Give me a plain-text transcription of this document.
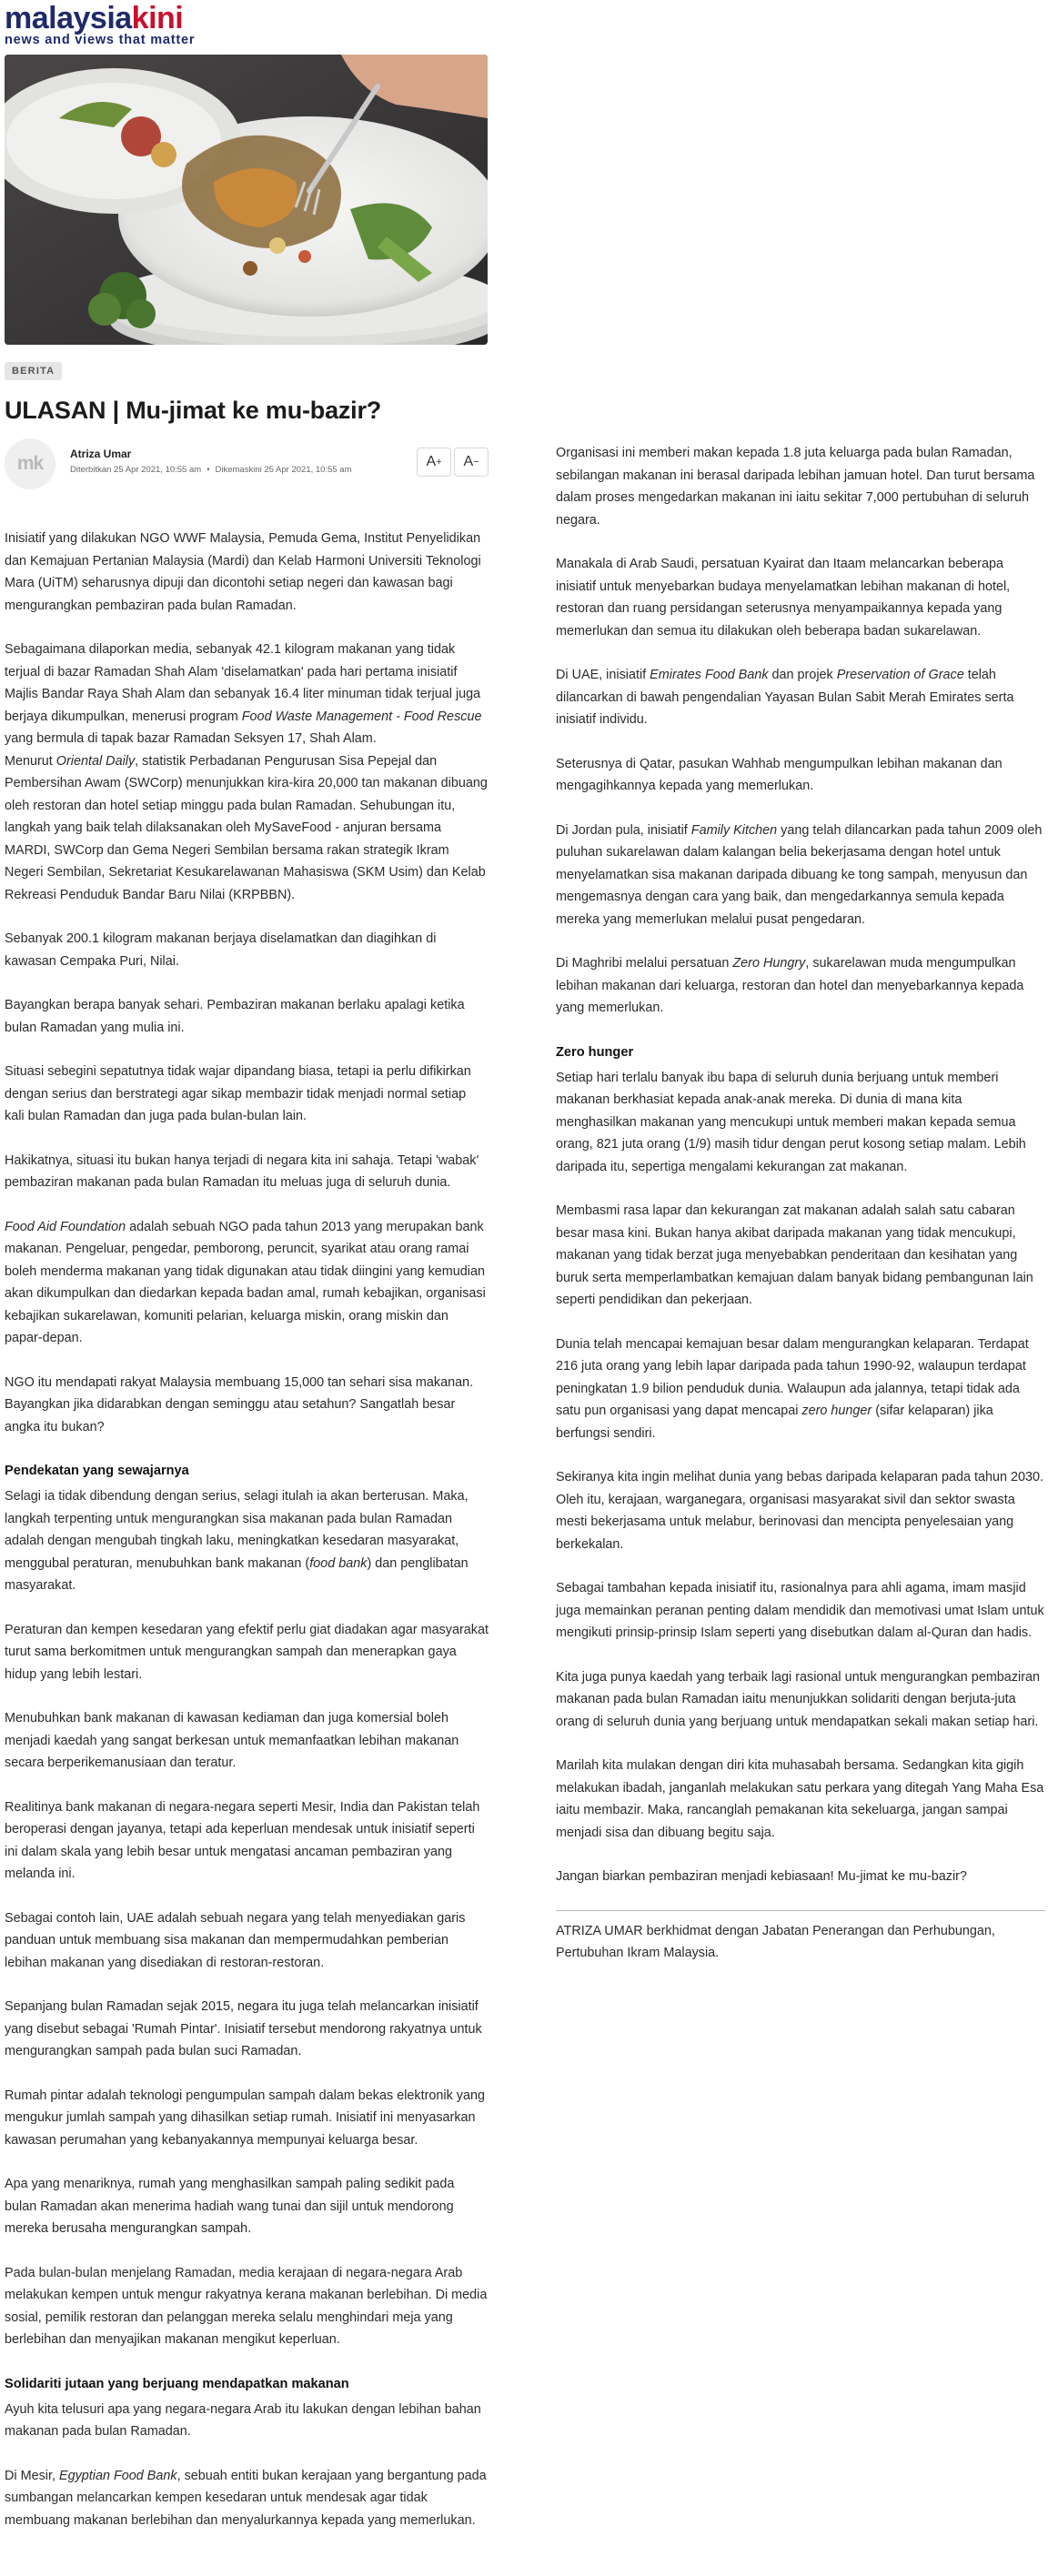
malaysiakini
news and views that matter
BERITA
ULASAN | Mu-jimat ke mu-bazir?
mk	Atriza Umar
Diterbitkan 25 Apr 2021, 10:55 am • Dikemaskini 25 Apr 2021, 10:55 am
A + A −

Inisiatif yang dilakukan NGO WWF Malaysia, Pemuda Gema, Institut Penyelidikan dan Kemajuan Pertanian Malaysia (Mardi) dan Kelab Harmoni Universiti Teknologi Mara (UiTM) seharusnya dipuji dan dicontohi setiap negeri dan kawasan bagi mengurangkan pembaziran pada bulan Ramadan.

Sebagaimana dilaporkan media, sebanyak 42.1 kilogram makanan yang tidak terjual di bazar Ramadan Shah Alam 'diselamatkan' pada hari pertama inisiatif Majlis Bandar Raya Shah Alam dan sebanyak 16.4 liter minuman tidak terjual juga berjaya dikumpulkan, menerusi program Food Waste Management - Food Rescue yang bermula di tapak bazar Ramadan Seksyen 17, Shah Alam.

Menurut Oriental Daily, statistik Perbadanan Pengurusan Sisa Pepejal dan Pembersihan Awam (SWCorp) menunjukkan kira-kira 20,000 tan makanan dibuang oleh restoran dan hotel setiap minggu pada bulan Ramadan. Sehubungan itu, langkah yang baik telah dilaksanakan oleh MySaveFood - anjuran bersama MARDI, SWCorp dan Gema Negeri Sembilan bersama rakan strategik Ikram Negeri Sembilan, Sekretariat Kesukarelawanan Mahasiswa (SKM Usim) dan Kelab Rekreasi Penduduk Bandar Baru Nilai (KRPBBN).

Sebanyak 200.1 kilogram makanan berjaya diselamatkan dan diagihkan di kawasan Cempaka Puri, Nilai.

Bayangkan berapa banyak sehari. Pembaziran makanan berlaku apalagi ketika bulan Ramadan yang mulia ini.

Situasi sebegini sepatutnya tidak wajar dipandang biasa, tetapi ia perlu difikirkan dengan serius dan berstrategi agar sikap membazir tidak menjadi normal setiap kali bulan Ramadan dan juga pada bulan-bulan lain.

Hakikatnya, situasi itu bukan hanya terjadi di negara kita ini sahaja. Tetapi 'wabak' pembaziran makanan pada bulan Ramadan itu meluas juga di seluruh dunia.

Food Aid Foundation adalah sebuah NGO pada tahun 2013 yang merupakan bank makanan. Pengeluar, pengedar, pemborong, peruncit, syarikat atau orang ramai boleh menderma makanan yang tidak digunakan atau tidak diingini yang kemudian akan dikumpulkan dan diedarkan kepada badan amal, rumah kebajikan, organisasi kebajikan sukarelawan, komuniti pelarian, keluarga miskin, orang miskin dan papar-depan.

NGO itu mendapati rakyat Malaysia membuang 15,000 tan sehari sisa makanan. Bayangkan jika didarabkan dengan seminggu atau setahun? Sangatlah besar angka itu bukan?

Pendekatan yang sewajarnya

Selagi ia tidak dibendung dengan serius, selagi itulah ia akan berterusan. Maka, langkah terpenting untuk mengurangkan sisa makanan pada bulan Ramadan adalah dengan mengubah tingkah laku, meningkatkan kesedaran masyarakat, menggubal peraturan, menubuhkan bank makanan (food bank) dan penglibatan masyarakat.

Peraturan dan kempen kesedaran yang efektif perlu giat diadakan agar masyarakat turut sama berkomitmen untuk mengurangkan sampah dan menerapkan gaya hidup yang lebih lestari.

Menubuhkan bank makanan di kawasan kediaman dan juga komersial boleh menjadi kaedah yang sangat berkesan untuk memanfaatkan lebihan makanan secara berperikemanusiaan dan teratur.

Realitinya bank makanan di negara-negara seperti Mesir, India dan Pakistan telah beroperasi dengan jayanya, tetapi ada keperluan mendesak untuk inisiatif seperti ini dalam skala yang lebih besar untuk mengatasi ancaman pembaziran yang melanda ini.

Sebagai contoh lain, UAE adalah sebuah negara yang telah menyediakan garis panduan untuk membuang sisa makanan dan mempermudahkan pemberian lebihan makanan yang disediakan di restoran-restoran.

Sepanjang bulan Ramadan sejak 2015, negara itu juga telah melancarkan inisiatif yang disebut sebagai 'Rumah Pintar'. Inisiatif tersebut mendorong rakyatnya untuk mengurangkan sampah pada bulan suci Ramadan.

Rumah pintar adalah teknologi pengumpulan sampah dalam bekas elektronik yang mengukur jumlah sampah yang dihasilkan setiap rumah. Inisiatif ini menyasarkan kawasan perumahan yang kebanyakannya mempunyai keluarga besar.

Apa yang menariknya, rumah yang menghasilkan sampah paling sedikit pada bulan Ramadan akan menerima hadiah wang tunai dan sijil untuk mendorong mereka berusaha mengurangkan sampah.

Pada bulan-bulan menjelang Ramadan, media kerajaan di negara-negara Arab melakukan kempen untuk mengur rakyatnya kerana makanan berlebihan. Di media sosial, pemilik restoran dan pelanggan mereka selalu menghindari meja yang berlebihan dan menyajikan makanan mengikut keperluan.

Solidariti jutaan yang berjuang mendapatkan makanan

Ayuh kita telusuri apa yang negara-negara Arab itu lakukan dengan lebihan bahan makanan pada bulan Ramadan.

Di Mesir, Egyptian Food Bank, sebuah entiti bukan kerajaan yang bergantung pada sumbangan melancarkan kempen kesedaran untuk mendesak agar tidak membuang makanan berlebihan dan menyalurkannya kepada yang memerlukan.

Organisasi ini memberi makan kepada 1.8 juta keluarga pada bulan Ramadan, sebilangan makanan ini berasal daripada lebihan jamuan hotel. Dan turut bersama dalam proses mengedarkan makanan ini iaitu sekitar 7,000 pertubuhan di seluruh negara.

Manakala di Arab Saudi, persatuan Kyairat dan Itaam melancarkan beberapa inisiatif untuk menyebarkan budaya menyelamatkan lebihan makanan di hotel, restoran dan ruang persidangan seterusnya menyampaikannya kepada yang memerlukan dan semua itu dilakukan oleh beberapa badan sukarelawan.

Di UAE, inisiatif Emirates Food Bank dan projek Preservation of Grace telah dilancarkan di bawah pengendalian Yayasan Bulan Sabit Merah Emirates serta inisiatif individu.

Seterusnya di Qatar, pasukan Wahhab mengumpulkan lebihan makanan dan mengagihkannya kepada yang memerlukan.

Di Jordan pula, inisiatif Family Kitchen yang telah dilancarkan pada tahun 2009 oleh puluhan sukarelawan dalam kalangan belia bekerjasama dengan hotel untuk menyelamatkan sisa makanan daripada dibuang ke tong sampah, menyusun dan mengemasnya dengan cara yang baik, dan mengedarkannya semula kepada mereka yang memerlukan melalui pusat pengedaran.

Di Maghribi melalui persatuan Zero Hungry, sukarelawan muda mengumpulkan lebihan makanan dari keluarga, restoran dan hotel dan menyebarkannya kepada yang memerlukan.

Zero hunger

Setiap hari terlalu banyak ibu bapa di seluruh dunia berjuang untuk memberi makanan berkhasiat kepada anak-anak mereka. Di dunia di mana kita menghasilkan makanan yang mencukupi untuk memberi makan kepada semua orang, 821 juta orang (1/9) masih tidur dengan perut kosong setiap malam. Lebih daripada itu, sepertiga mengalami kekurangan zat makanan.

Membasmi rasa lapar dan kekurangan zat makanan adalah salah satu cabaran besar masa kini. Bukan hanya akibat daripada makanan yang tidak mencukupi, makanan yang tidak berzat juga menyebabkan penderitaan dan kesihatan yang buruk serta memperlambatkan kemajuan dalam banyak bidang pembangunan lain seperti pendidikan dan pekerjaan.

Dunia telah mencapai kemajuan besar dalam mengurangkan kelaparan. Terdapat 216 juta orang yang lebih lapar daripada pada tahun 1990-92, walaupun terdapat peningkatan 1.9 bilion penduduk dunia. Walaupun ada jalannya, tetapi tidak ada satu pun organisasi yang dapat mencapai zero hunger (sifar kelaparan) jika berfungsi sendiri.

Sekiranya kita ingin melihat dunia yang bebas daripada kelaparan pada tahun 2030. Oleh itu, kerajaan, warganegara, organisasi masyarakat sivil dan sektor swasta mesti bekerjasama untuk melabur, berinovasi dan mencipta penyelesaian yang berkekalan.

Sebagai tambahan kepada inisiatif itu, rasionalnya para ahli agama, imam masjid juga memainkan peranan penting dalam mendidik dan memotivasi umat Islam untuk mengikuti prinsip-prinsip Islam seperti yang disebutkan dalam al-Quran dan hadis.

Kita juga punya kaedah yang terbaik lagi rasional untuk mengurangkan pembaziran makanan pada bulan Ramadan iaitu menunjukkan solidariti dengan berjuta-juta orang di seluruh dunia yang berjuang untuk mendapatkan sekali makan setiap hari.

Marilah kita mulakan dengan diri kita muhasabah bersama. Sedangkan kita gigih melakukan ibadah, janganlah melakukan satu perkara yang ditegah Yang Maha Esa iaitu membazir. Maka, rancanglah pemakanan kita sekeluarga, jangan sampai menjadi sisa dan dibuang begitu saja.

Jangan biarkan pembaziran menjadi kebiasaan! Mu-jimat ke mu-bazir?

ATRIZA UMAR berkhidmat dengan Jabatan Penerangan dan Perhubungan, Pertubuhan Ikram Malaysia.
